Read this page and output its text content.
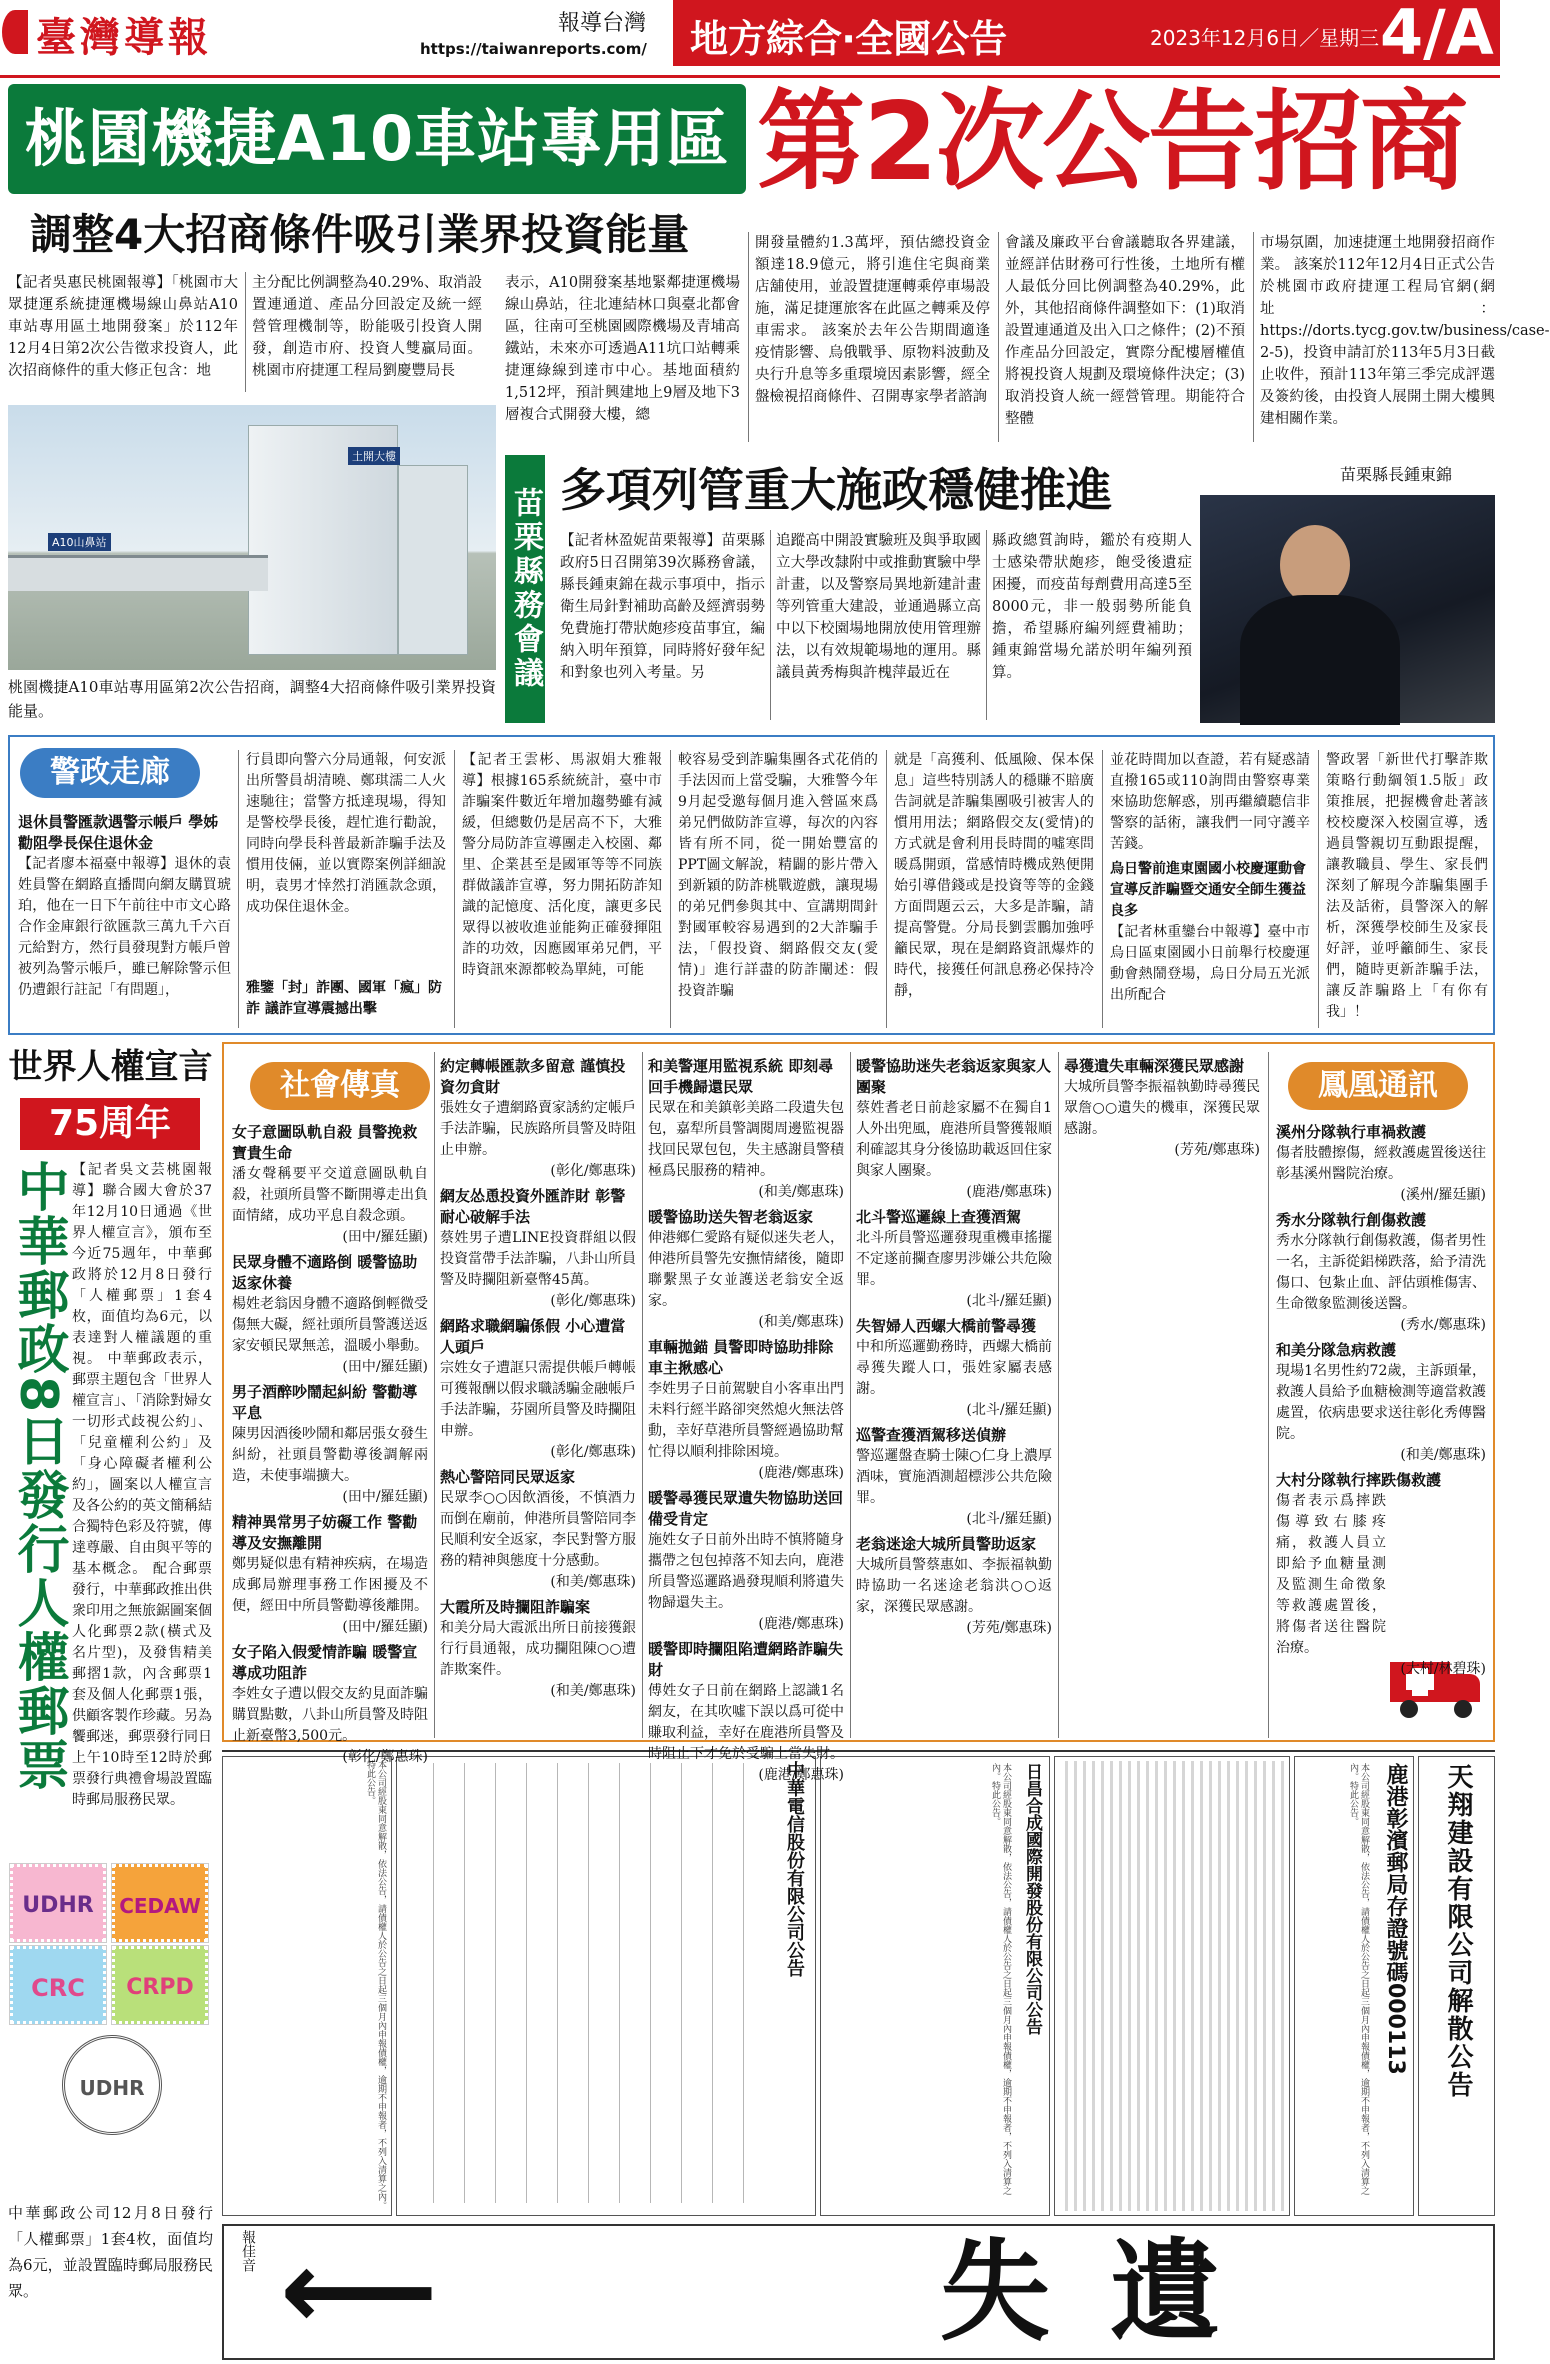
臺灣導報	報導台灣
https://taiwanreports.com/ 地方綜合‧全國公告	2023年12月6日／星期三 4/A
桃園機捷A10車站專用區 第2次公告招商
調整4大招商條件吸引業界投資能量
【記者吳惠民桃園報導】「桃園市大眾捷運系統捷運機場線山鼻站A10車站專用區土地開發案」於112年12月4日第2次公告徵求投資人，此次招商條件的重大修正包含：地
主分配比例調整為40.29%、取消設置連通道、產品分回設定及統一經營管理機制等，盼能吸引投資人開發，創造市府、投資人雙贏局面。 桃園市府捷運工程局劉慶豐局長
表示，A10開發案基地緊鄰捷運機場線山鼻站，往北連結林口與臺北都會區，往南可至桃園國際機場及青埔高鐵站，未來亦可透過A11坑口站轉乘捷運綠線到達市中心。基地面積約1,512坪，預計興建地上9層及地下3層複合式開發大樓，總
開發量體約1.3萬坪，預估總投資金額達18.9億元，將引進住宅與商業店舖使用，並設置捷運轉乘停車場設施，滿足捷運旅客在此區之轉乘及停車需求。 該案於去年公告期間適逢疫情影響、烏俄戰爭、原物料波動及央行升息等多重環境因素影響，經全盤檢視招商條件、召開專家學者諮詢
會議及廉政平台會議聽取各界建議，並經詳估財務可行性後，土地所有權人最低分回比例調整為40.29%，此外，其他招商條件調整如下：(1)取消設置連通道及出入口之條件；(2)不預作產品分回設定，實際分配樓層權值將視投資人規劃及環境條件決定；(3)取消投資人統一經營管理。期能符合整體
市場氛圍，加速捷運土地開發招商作業。 該案於112年12月4日正式公告於桃園市政府捷運工程局官網(網址：https://dorts.tycg.gov.tw/business/case-2-5)，投資申請訂於113年5月3日截止收件，預計113年第三季完成評選及簽約後，由投資人展開土開大樓興建相關作業。
A10山鼻站
土開大樓
桃園機捷A10車站專用區第2次公告招商，調整4大招商條件吸引業界投資能量。
苗栗縣務會議 多項列管重大施政穩健推進
【記者林盈妮苗栗報導】苗栗縣政府5日召開第39次縣務會議，縣長鍾東錦在裁示事項中，指示衛生局針對補助高齡及經濟弱勢免費施打帶狀皰疹疫苗事宜，編納入明年預算，同時將好發年紀和對象也列入考量。另
追蹤高中開設實驗班及與爭取國立大學改隸附中或推動實驗中學計畫，以及警察局異地新建計畫等列管重大建設，並通過縣立高中以下校園場地開放使用管理辦法，以有效規範場地的運用。縣議員黃秀梅與許槐萍最近在
縣政總質詢時，鑑於有疫期人士感染帶狀皰疹，飽受後遺症困擾，而疫苗每劑費用高達5至8000元，非一般弱勢所能負擔，希望縣府編列經費補助；鍾東錦當場允諾於明年編列預算。
苗栗縣長鍾東錦
警政走廊
退休員警匯款遇警示帳戶 學姊勸阻學長保住退休金
【記者廖本福臺中報導】退休的袁姓員警在網路直播間向網友購買琥珀，他在一日下午前往中市文心路合作金庫銀行欲匯款三萬九千六百元給對方，然行員發現對方帳戶曾被列為警示帳戶，雖已解除警示但仍遭銀行註記「有問題」，
行員即向警六分局通報，何安派出所警員胡清曉、鄭琪濡二人火速馳往；當警方抵達現場，得知是警校學長後，趕忙進行勸說，同時向學長科普最新詐騙手法及慣用伎倆，並以實際案例詳細說明，袁男才悻然打消匯款念頭，成功保住退休金。
雅鑒「封」詐團、國軍「瘋」防詐 議詐宣導震撼出擊
【記者王雲彬、馬淑娟大雅報導】根據165系統統計，臺中市詐騙案件數近年增加趨勢雖有減緩，但總數仍是居高不下，大雅警分局防詐宣導團走入校園、鄰里、企業甚至是國軍等等不同族群做議詐宣導，努力開拓防詐知識的記憶度、活化度，讓更多民眾得以被收進並能夠正確發揮阻詐的功效，因應國軍弟兄們，平時資訊來源都較為單純，可能
較容易受到詐騙集團各式花俏的手法因而上當受騙，大雅警今年9月起受邀每個月進入營區來爲弟兄們做防詐宣導，每次的內容皆有所不同，從一開始豐富的PPT圖文解說，精闢的影片帶入到新穎的防詐桃戰遊戲，讓現場的弟兄們參與其中、宣講期間針對國軍較容易遇到的2大詐騙手法，「假投資、網路假交友(愛情)」進行詳盡的防詐闡述：假投資詐騙
就是「高獲利、低風險、保本保息」這些特別誘人的穩賺不賠廣告詞就是詐騙集團吸引被害人的慣用用法；網路假交友(愛情)的方式就是會利用長時間的噓寒問暖爲開頭，當感情時機成熟便開始引導借錢或是投資等等的金錢方面問題云云，大多是詐騙，請提高警覺。分局長劉雲鵬加強呼籲民眾，現在是網路資訊爆炸的時代，接獲任何訊息務必保持冷靜，
並花時間加以查證，若有疑惑請直撥165或110詢問由警察專業來協助您解惑，別再繼續聽信非警察的話術，讓我們一同守護辛苦錢。
烏日警前進東園國小校慶運動會宣導反詐騙暨交通安全師生獲益良多
【記者林重鑾台中報導】臺中市烏日區東園國小日前舉行校慶運動會熱鬧登場，烏日分局五光派出所配合
警政署「新世代打擊詐欺策略行動綱領1.5版」政策推展，把握機會赴著該校校慶深入校園宣導，透過員警親切互動跟提醒，讓教職員、學生、家長們深刻了解現今詐騙集團手法及話術，員警深入的解析，深獲學校師生及家長好評，並呼籲師生、家長們，隨時更新詐騙手法，讓反詐騙路上「有你有我」！
世界人權宣言
75周年
中華郵政8日發行人權郵票 【記者吳文芸桃園報導】聯合國大會於37年12月10日通過《世界人權宣言》，頒布至今近75週年，中華郵政將於12月8日發行「人權郵票」1套4枚，面值均為6元，以表達對人權議題的重視。 中華郵政表示，郵票主題包含「世界人權宣言」、「消除對婦女一切形式歧視公約」、「兒童權利公約」及「身心障礙者權利公約」，圖案以人權宣言及各公約的英文簡稱結合獨特色彩及符號，傳達尊嚴、自由與平等的基本概念。 配合郵票發行，中華郵政推出供衆印用之無旅鋸圖案個人化郵票2款(橫式及名片型)，及發售精美郵摺1款，內含郵票1套及個人化郵票1張，供顧客製作珍藏。另為饗郵迷，郵票發行同日上午10時至12時於郵票發行典禮會場設置臨時郵局服務民眾。
UDHR	CEDAW
CRC	CRPD
UDHR
中華郵政公司12月8日發行「人權郵票」1套4枚，面值均為6元，並設置臨時郵局服務民眾。
社會傳真	鳳凰通訊
本公司經股東同意解散，依法公告，請債權人於公告之日起三個月內申報債權，逾期不申報者，不列入清算之內。特此公告。	中華電信股份有限公司公告	日昌合成國際開發股份有限公司公告
本公司經股東同意解散，依法公告，請債權人於公告之日起三個月內申報債權，逾期不申報者，不列入清算之內。特此公告。	鹿港彰濱郵局存證號碼000113
本公司經股東同意解散，依法公告，請債權人於公告之日起三個月內申報債權，逾期不申報者，不列入清算之內。特此公告。	天翔建設有限公司解散公告
報佳音 ⟵	遺失
女子意圖臥軌自殺 員警挽救寶貴生命
潘女聲稱要平交道意圖臥軌自殺，社頭所員警不斷開導走出負面情緒，成功平息自殺念頭。
(田中/羅廷顯)
民眾身體不適路倒 暖警協助返家休養
楊姓老翁因身體不適路倒輕微受傷無大礙，經社頭所員警護送返家安頓民眾無恙，溫暖小舉動。
(田中/羅廷顯)
男子酒醉吵鬧起糾紛 警勸導平息
陳男因酒後吵鬧和鄰居張女發生糾紛，社頭員警勸導後調解兩造，未使事端擴大。
(田中/羅廷顯)
精神異常男子妨礙工作 警勸導及安撫離開
鄭男疑似患有精神疾病，在場造成郵局辦理事務工作困擾及不便，經田中所員警勸導後離開。
(田中/羅廷顯)
女子陷入假愛情詐騙 暖警宣導成功阻詐
李姓女子遭以假交友約見面詐騙購買點數，八卦山所員警及時阻止新臺幣3,500元。
(彰化/鄭惠珠)
約定轉帳匯款多留意 謹慎投資勿貪財
張姓女子遭網路賣家誘約定帳戶手法詐騙，民族路所員警及時阻止申辦。
(彰化/鄭惠珠)
網友怂恿投資外匯詐財 彰警耐心破解手法
蔡姓男子遭LINE投資群組以假投資當帶手法詐騙，八卦山所員警及時攔阻新臺幣45萬。
(彰化/鄭惠珠)
網路求職網騙係假 小心遭當人頭戶
宗姓女子遭誆只需提供帳戶轉帳可獲報酬以假求職誘騙金融帳戶手法詐騙，芬園所員警及時攔阻申辦。
(彰化/鄭惠珠)
熱心警陪同民眾返家
民眾李○○因飲酒後，不慎酒力而倒在廟前，伸港所員警陪同李民順利安全返家，李民對警方服務的精神與態度十分感動。
(和美/鄭惠珠)
大霞所及時攔阻詐騙案
和美分局大霞派出所日前接獲銀行行員通報，成功攔阻陳○○遭詐欺案件。
(和美/鄭惠珠)
和美警運用監視系統 即刻尋回手機歸還民眾
民眾在和美鎮彰美路二段遺失包包，嘉犁所員警調閱周邊監視器找回民眾包包，失主感謝員警積極爲民服務的精神。
(和美/鄭惠珠)
暖警協助送失智老翁返家
伸港鄉仁愛路有疑似迷失老人，伸港所員警先安撫情緒後，隨即聯繫黑子女並護送老翁安全返家。
(和美/鄭惠珠)
車輛拋錨 員警即時協助排除 車主揪感心
李姓男子日前駕駛自小客車出門未料行經半路卻突然熄火無法啓動，幸好草港所員警經過協助幫忙得以順利排除困境。
(鹿港/鄭惠珠)
暖警尋獲民眾遺失物協助送回備受肯定
施姓女子日前外出時不慎將隨身攜帶之包包掉落不知去向，鹿港所員警巡邏路過發現順利將遺失物歸還失主。
(鹿港/鄭惠珠)
暖警即時攔阻陷遭網路詐騙失財
傅姓女子日前在網路上認識1名網友，在其吹噓下誤以爲可從中賺取利益，幸好在鹿港所員警及時阻止下才免於受騙上當失財。
(鹿港/鄭惠珠)
暖警協助迷失老翁返家與家人團聚
蔡姓耆老日前趁家屬不在獨自1人外出兜風，鹿港所員警獲報順利確認其身分後協助載返回住家與家人團聚。
(鹿港/鄭惠珠)
北斗警巡邏線上查獲酒駕
北斗所員警巡邏發現重機車搖擺不定遂前攔查廖男涉嫌公共危險罪。
(北斗/羅廷顯)
失智婦人西螺大橋前警尋獲
中和所巡邏勤務時，西螺大橋前尋獲失蹤人口，張姓家屬表感謝。
(北斗/羅廷顯)
巡警查獲酒駕移送偵辦
警巡邏盤查騎士陳○仁身上濃厚酒味，實施酒測超標涉公共危險罪。
(北斗/羅廷顯)
老翁迷途大城所員警助返家
大城所員警蔡惠如、李振福執勤時協助一名迷途老翁洪○○返家，深獲民眾感謝。
(芳苑/鄭惠珠)
尋獲遺失車輛深獲民眾感謝
大城所員警李振福執勤時尋獲民眾詹○○遺失的機車，深獲民眾感謝。
(芳苑/鄭惠珠)
溪州分隊執行車禍救護
傷者肢體擦傷，經救護處置後送往彰基溪州醫院治療。
(溪州/羅廷顯)
秀水分隊執行創傷救護
秀水分隊執行創傷救護，傷者男性一名，主訴從鋁梯跌落，給予清洗傷口、包紮止血、評估頭椎傷害、生命徵象監測後送醫。
(秀水/鄭惠珠)
和美分隊急病救護
現場1名男性約72歲，主訴頭暈，救護人員給予血糖檢測等適當救護處置，依病患要求送往彰化秀傳醫院。
(和美/鄭惠珠)
大村分隊執行摔跌傷救護
傷者表示爲摔跌傷導致右膝疼痛，救護人員立即給予血糖量測及監測生命徵象等救護處置後，將傷者送往醫院治療。
(大村/林碧珠)
